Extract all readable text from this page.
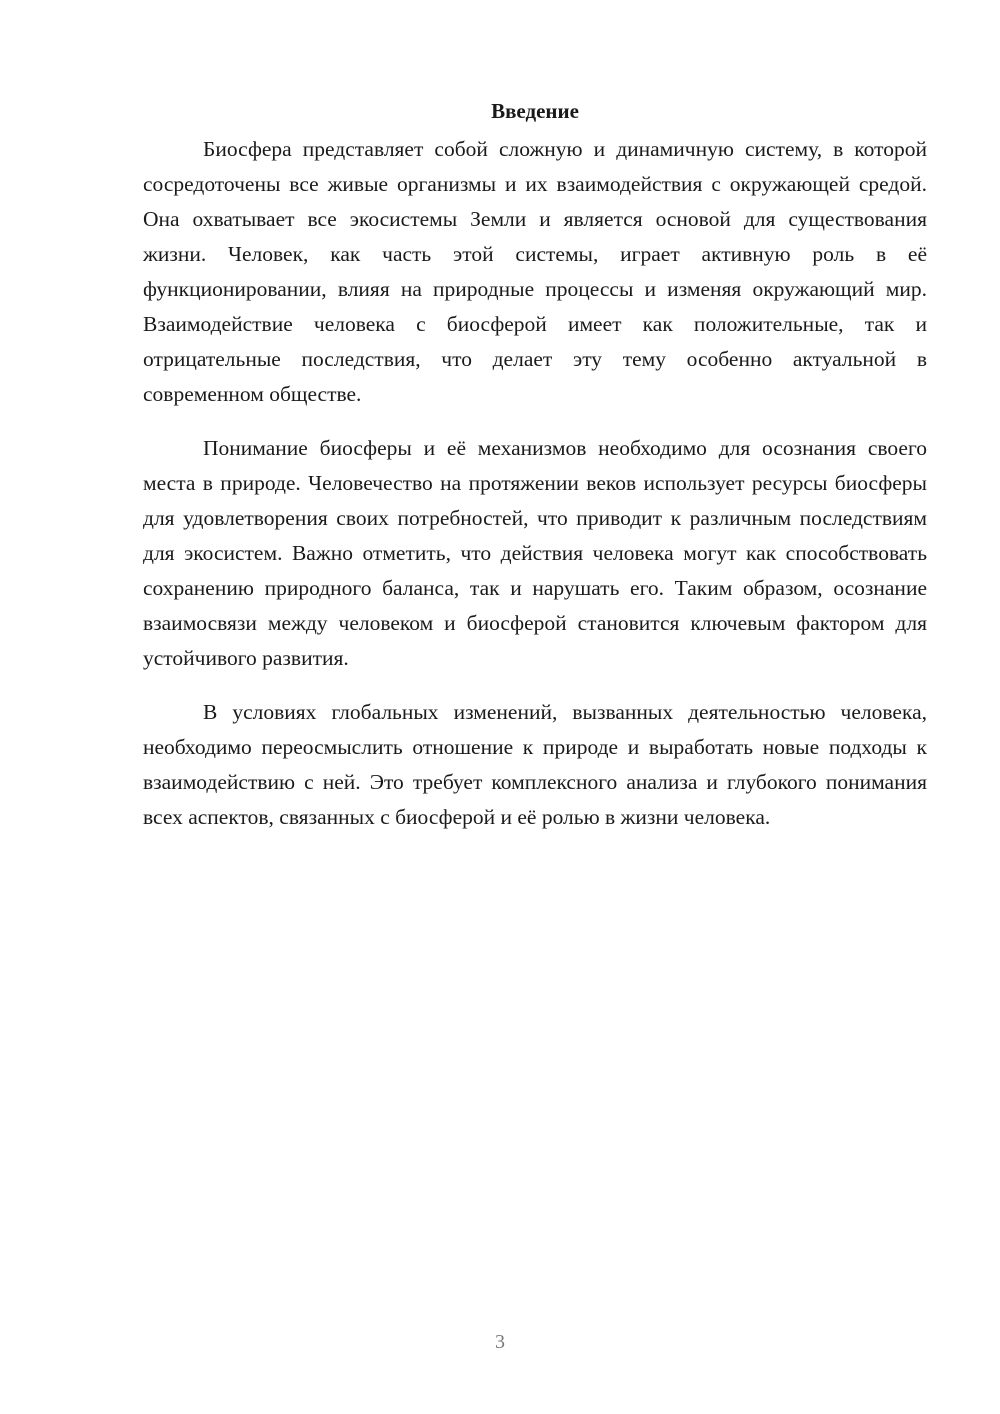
Введение

Биосфера представляет собой сложную и динамичную систему, в которой сосредоточены все живые организмы и их взаимодействия с окружающей средой. Она охватывает все экосистемы Земли и является основой для существования жизни. Человек, как часть этой системы, играет активную роль в её функционировании, влияя на природные процессы и изменяя окружающий мир. Взаимодействие человека с биосферой имеет как положительные, так и отрицательные последствия, что делает эту тему особенно актуальной в современном обществе.

Понимание биосферы и её механизмов необходимо для осознания своего места в природе. Человечество на протяжении веков использует ресурсы биосферы для удовлетворения своих потребностей, что приводит к различным последствиям для экосистем. Важно отметить, что действия человека могут как способствовать сохранению природного баланса, так и нарушать его. Таким образом, осознание взаимосвязи между человеком и биосферой становится ключевым фактором для устойчивого развития.

В условиях глобальных изменений, вызванных деятельностью человека, необходимо переосмыслить отношение к природе и выработать новые подходы к взаимодействию с ней. Это требует комплексного анализа и глубокого понимания всех аспектов, связанных с биосферой и её ролью в жизни человека.

3
